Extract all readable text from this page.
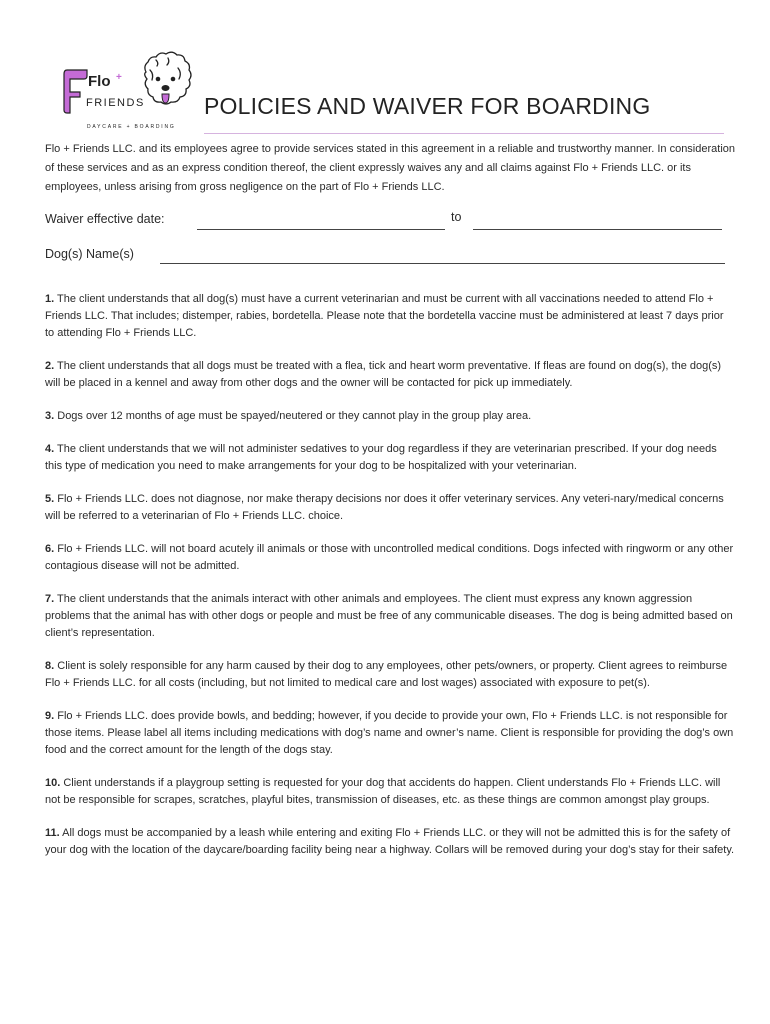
Flo +
FRIENDS
DAYCARE + BOARDING
POLICIES AND WAIVER FOR BOARDING

Flo + Friends LLC. and its employees agree to provide services stated in this agreement in a reliable and trustworthy manner. In consideration of these services and as an express condition thereof, the client expressly waives any and all claims against Flo + Friends LLC. or its employees, unless arising from gross negligence on the part of Flo + Friends LLC.

Waiver effective date:	to
Dog(s) Name(s)

1. The client understands that all dog(s) must have a current veterinarian and must be current with all vaccinations needed to attend Flo + Friends LLC. That includes; distemper, rabies, bordetella. Please note that the bordetella vaccine must be administered at least 7 days prior to attending Flo + Friends LLC.

2. The client understands that all dogs must be treated with a flea, tick and heart worm preventative. If fleas are found on dog(s), the dog(s) will be placed in a kennel and away from other dogs and the owner will be contacted for pick up immediately.

3. Dogs over 12 months of age must be spayed/neutered or they cannot play in the group play area.

4. The client understands that we will not administer sedatives to your dog regardless if they are veterinarian prescribed. If your dog needs this type of medication you need to make arrangements for your dog to be hospitalized with your veterinarian.

5. Flo + Friends LLC. does not diagnose, nor make therapy decisions nor does it offer veterinary services. Any veteri-nary/medical concerns will be referred to a veterinarian of Flo + Friends LLC. choice.

6. Flo + Friends LLC. will not board acutely ill animals or those with uncontrolled medical conditions. Dogs infected with ringworm or any other contagious disease will not be admitted.

7. The client understands that the animals interact with other animals and employees. The client must express any known aggression problems that the animal has with other dogs or people and must be free of any communicable diseases. The dog is being admitted based on client’s representation.

8. Client is solely responsible for any harm caused by their dog to any employees, other pets/owners, or property. Client agrees to reimburse Flo + Friends LLC. for all costs (including, but not limited to medical care and lost wages) associated with exposure to pet(s).

9. Flo + Friends LLC. does provide bowls, and bedding; however, if you decide to provide your own, Flo + Friends LLC. is not responsible for those items. Please label all items including medications with dog’s name and owner’s name. Client is responsible for providing the dog’s own food and the correct amount for the length of the dogs stay.

10. Client understands if a playgroup setting is requested for your dog that accidents do happen. Client understands Flo + Friends LLC. will not be responsible for scrapes, scratches, playful bites, transmission of diseases, etc. as these things are common amongst play groups.

11. All dogs must be accompanied by a leash while entering and exiting Flo + Friends LLC. or they will not be admitted this is for the safety of your dog with the location of the daycare/boarding facility being near a highway. Collars will be removed during your dog’s stay for their safety.
